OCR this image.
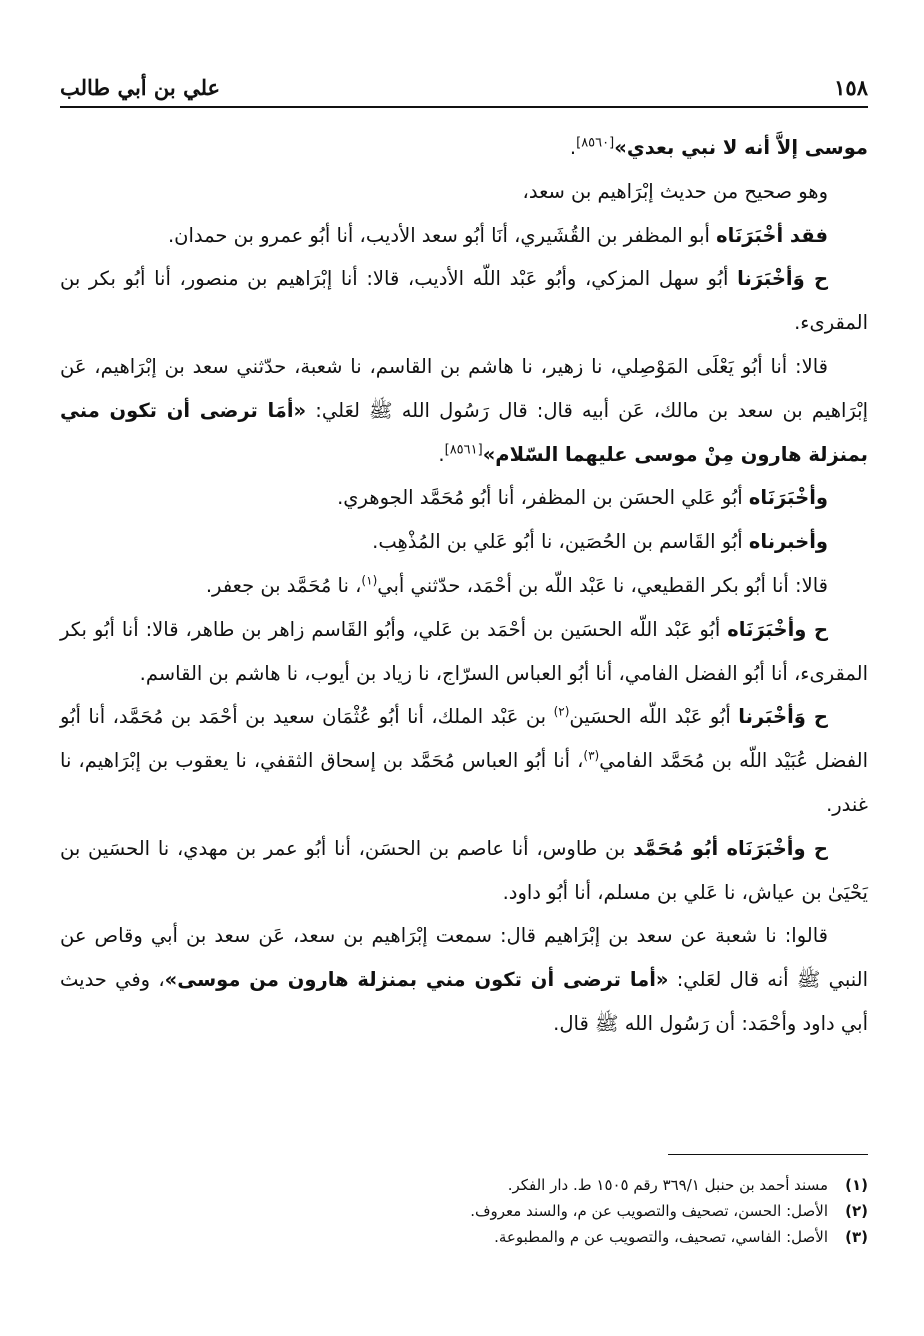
١٥٨
علي بن أبي طالب

موسى إلاَّ أنه لا نبي بعدي»[٨٥٦٠].

وهو صحيح من حديث إبْرَاهيم بن سعد،

فقد أخْبَرَنَاه أبو المظفر بن القُشَيري، أنَا أبُو سعد الأديب، أنا أبُو عمرو بن حمدان.

ح وَأخْبَرَنا أبُو سهل المزكي، وأبُو عَبْد اللّه الأديب، قالا: أنا إبْرَاهيم بن منصور، أنا أبُو بكر بن المقرىء.

قالا: أنا أبُو يَعْلَى المَوْصِلي، نا زهير، نا هاشم بن القاسم، نا شعبة، حدّثني سعد بن إبْرَاهيم، عَن إبْرَاهيم بن سعد بن مالك، عَن أبيه قال: قال رَسُول الله ﷺ لعَلي: «أمَا ترضى أن تكون مني بمنزلة هارون مِنْ موسى عليهما السّلام»[٨٥٦١].

وأخْبَرَنَاه أبُو عَلي الحسَن بن المظفر، أنا أبُو مُحَمَّد الجوهري.

وأخبرناه أبُو القَاسم بن الحُصَين، نا أبُو عَلي بن المُذْهِب.

قالا: أنا أبُو بكر القطيعي، نا عَبْد اللّه بن أحْمَد، حدّثني أبي$^{(١)}$، نا مُحَمَّد بن جعفر.

ح وأخْبَرَنَاه أبُو عَبْد اللّه الحسَين بن أحْمَد بن عَلي، وأبُو القَاسم زاهر بن طاهر، قالا: أنا أبُو بكر المقرىء، أنا أبُو الفضل الفامي، أنا أبُو العباس السرّاج، نا زياد بن أيوب، نا هاشم بن القاسم.

ح وَأخْبَرنا أبُو عَبْد اللّه الحسَين$^{(٢)}$ بن عَبْد الملك، أنا أبُو عُثْمَان سعيد بن أحْمَد بن مُحَمَّد، أنا أبُو الفضل عُبَيْد اللّه بن مُحَمَّد الفامي$^{(٣)}$، أنا أبُو العباس مُحَمَّد بن إسحاق الثقفي، نا يعقوب بن إبْرَاهيم، نا غندر.

ح وأخْبَرَنَاه أبُو مُحَمَّد بن طاوس، أنا عاصم بن الحسَن، أنا أبُو عمر بن مهدي، نا الحسَين بن يَحْيَىٰ بن عياش، نا عَلي بن مسلم، أنا أبُو داود.

قالوا: نا شعبة عن سعد بن إبْرَاهيم قال: سمعت إبْرَاهيم بن سعد، عَن سعد بن أبي وقاص عن النبي ﷺ أنه قال لعَلي: «أما ترضى أن تكون مني بمنزلة هارون من موسى»، وفي حديث أبي داود وأحْمَد: أن رَسُول الله ﷺ قال.

(١)
مسند أحمد بن حنبل ٣٦٩/١ رقم ١٥٠٥ ط. دار الفكر.
(٢)
الأصل: الحسن، تصحيف والتصويب عن م، والسند معروف.
(٣)
الأصل: الفاسي، تصحيف، والتصويب عن م والمطبوعة.
